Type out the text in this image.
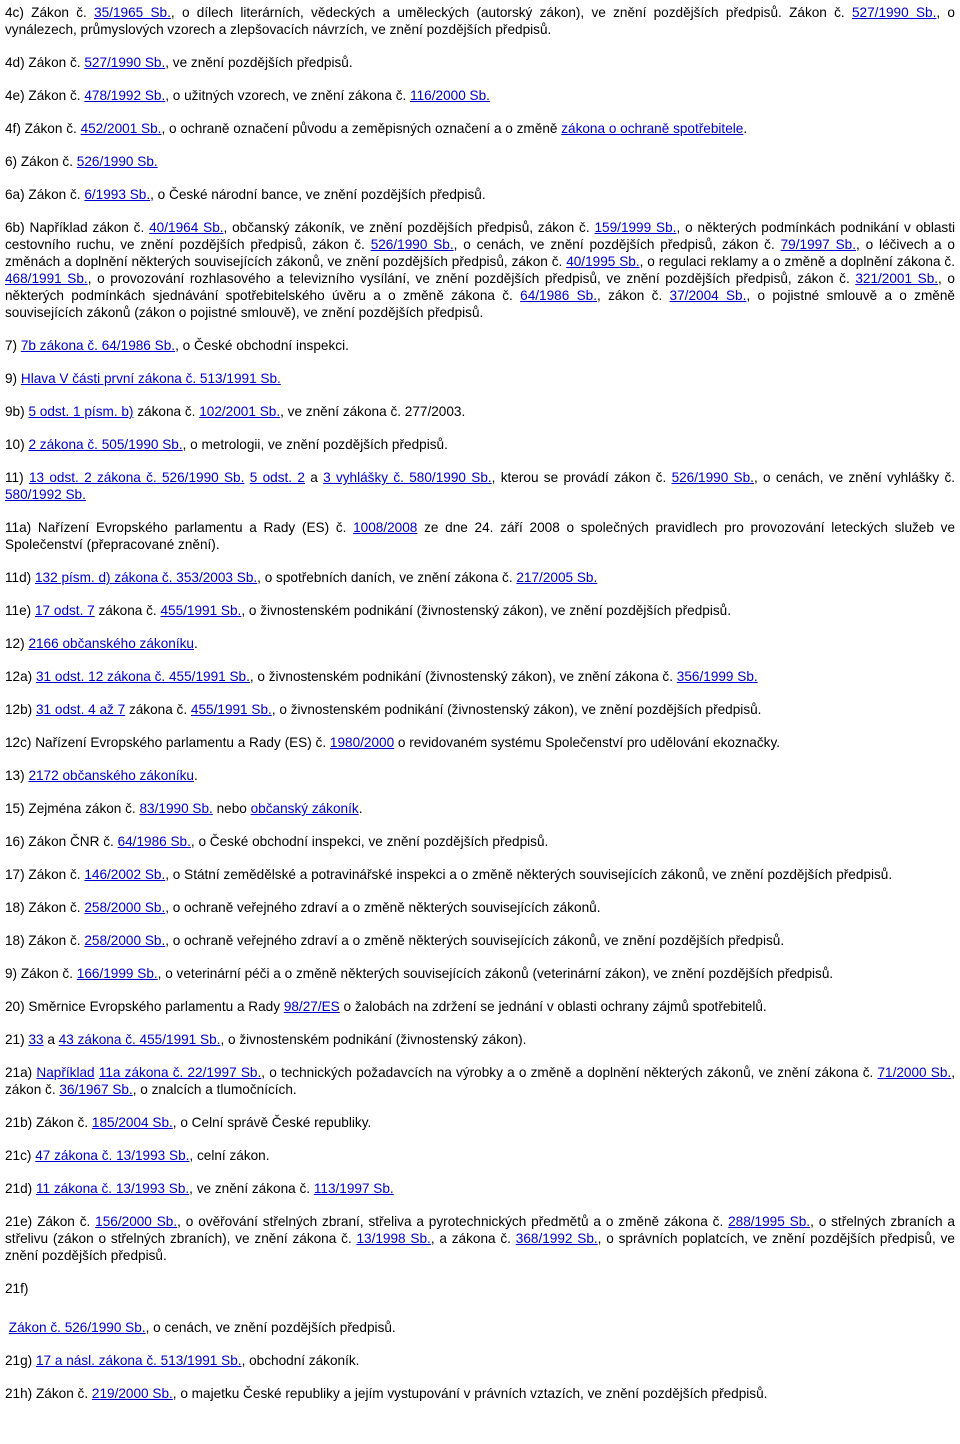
4c) Zákon č. 35/1965 Sb., o dílech literárních, vědeckých a uměleckých (autorský zákon), ve znění pozdějších předpisů. Zákon č. 527/1990 Sb., o vynálezech, průmyslových vzorech a zlepšovacích návrzích, ve znění pozdějších předpisů.

4d) Zákon č. 527/1990 Sb., ve znění pozdějších předpisů.

4e) Zákon č. 478/1992 Sb., o užitných vzorech, ve znění zákona č. 116/2000 Sb.

4f) Zákon č. 452/2001 Sb., o ochraně označení původu a zeměpisných označení a o změně zákona o ochraně spotřebitele.

6) Zákon č. 526/1990 Sb.

6a) Zákon č. 6/1993 Sb., o České národní bance, ve znění pozdějších předpisů.

6b) Například zákon č. 40/1964 Sb., občanský zákoník, ve znění pozdějších předpisů, zákon č. 159/1999 Sb., o některých podmínkách podnikání v oblasti cestovního ruchu, ve znění pozdějších předpisů, zákon č. 526/1990 Sb., o cenách, ve znění pozdějších předpisů, zákon č. 79/1997 Sb., o léčivech a o změnách a doplnění některých souvisejících zákonů, ve znění pozdějších předpisů, zákon č. 40/1995 Sb., o regulaci reklamy a o změně a doplnění zákona č. 468/1991 Sb., o provozování rozhlasového a televizního vysílání, ve znění pozdějších předpisů, ve znění pozdějších předpisů, zákon č. 321/2001 Sb., o některých podmínkách sjednávání spotřebitelského úvěru a o změně zákona č. 64/1986 Sb., zákon č. 37/2004 Sb., o pojistné smlouvě a o změně souvisejících zákonů (zákon o pojistné smlouvě), ve znění pozdějších předpisů.

7) 7b zákona č. 64/1986 Sb., o České obchodní inspekci.

9) Hlava V části první zákona č. 513/1991 Sb.

9b) 5 odst. 1 písm. b) zákona č. 102/2001 Sb., ve znění zákona č. 277/2003.

10) 2 zákona č. 505/1990 Sb., o metrologii, ve znění pozdějších předpisů.

11) 13 odst. 2 zákona č. 526/1990 Sb. 5 odst. 2 a 3 vyhlášky č. 580/1990 Sb., kterou se provádí zákon č. 526/1990 Sb., o cenách, ve znění vyhlášky č. 580/1992 Sb.

11a) Nařízení Evropského parlamentu a Rady (ES) č. 1008/2008 ze dne 24. září 2008 o společných pravidlech pro provozování leteckých služeb ve Společenství (přepracované znění).

11d) 132 písm. d) zákona č. 353/2003 Sb., o spotřebních daních, ve znění zákona č. 217/2005 Sb.

11e) 17 odst. 7 zákona č. 455/1991 Sb., o živnostenském podnikání (živnostenský zákon), ve znění pozdějších předpisů.

12) 2166 občanského zákoníku.

12a) 31 odst. 12 zákona č. 455/1991 Sb., o živnostenském podnikání (živnostenský zákon), ve znění zákona č. 356/1999 Sb.

12b) 31 odst. 4 až 7 zákona č. 455/1991 Sb., o živnostenském podnikání (živnostenský zákon), ve znění pozdějších předpisů.

12c) Nařízení Evropského parlamentu a Rady (ES) č. 1980/2000 o revidovaném systému Společenství pro udělování ekoznačky.

13) 2172 občanského zákoníku.

15) Zejména zákon č. 83/1990 Sb. nebo občanský zákoník.

16) Zákon ČNR č. 64/1986 Sb., o České obchodní inspekci, ve znění pozdějších předpisů.

17) Zákon č. 146/2002 Sb., o Státní zemědělské a potravinářské inspekci a o změně některých souvisejících zákonů, ve znění pozdějších předpisů.

18) Zákon č. 258/2000 Sb., o ochraně veřejného zdraví a o změně některých souvisejících zákonů.

18) Zákon č. 258/2000 Sb., o ochraně veřejného zdraví a o změně některých souvisejících zákonů, ve znění pozdějších předpisů.

9) Zákon č. 166/1999 Sb., o veterinární péči a o změně některých souvisejících zákonů (veterinární zákon), ve znění pozdějších předpisů.

20) Směrnice Evropského parlamentu a Rady 98/27/ES o žalobách na zdržení se jednání v oblasti ochrany zájmů spotřebitelů.

21) 33 a 43 zákona č. 455/1991 Sb., o živnostenském podnikání (živnostenský zákon).

21a) Například 11a zákona č. 22/1997 Sb., o technických požadavcích na výrobky a o změně a doplnění některých zákonů, ve znění zákona č. 71/2000 Sb., zákon č. 36/1967 Sb., o znalcích a tlumočnících.

21b) Zákon č. 185/2004 Sb., o Celní správě České republiky.

21c) 47 zákona č. 13/1993 Sb., celní zákon.

21d) 11 zákona č. 13/1993 Sb., ve znění zákona č. 113/1997 Sb.

21e) Zákon č. 156/2000 Sb., o ověřování střelných zbraní, střeliva a pyrotechnických předmětů a o změně zákona č. 288/1995 Sb., o střelných zbraních a střelivu (zákon o střelných zbraních), ve znění zákona č. 13/1998 Sb., a zákona č. 368/1992 Sb., o správních poplatcích, ve znění pozdějších předpisů, ve znění pozdějších předpisů.

21f)

Zákon č. 526/1990 Sb., o cenách, ve znění pozdějších předpisů.

21g) 17 a násl. zákona č. 513/1991 Sb., obchodní zákoník.

21h) Zákon č. 219/2000 Sb., o majetku České republiky a jejím vystupování v právních vztazích, ve znění pozdějších předpisů.
